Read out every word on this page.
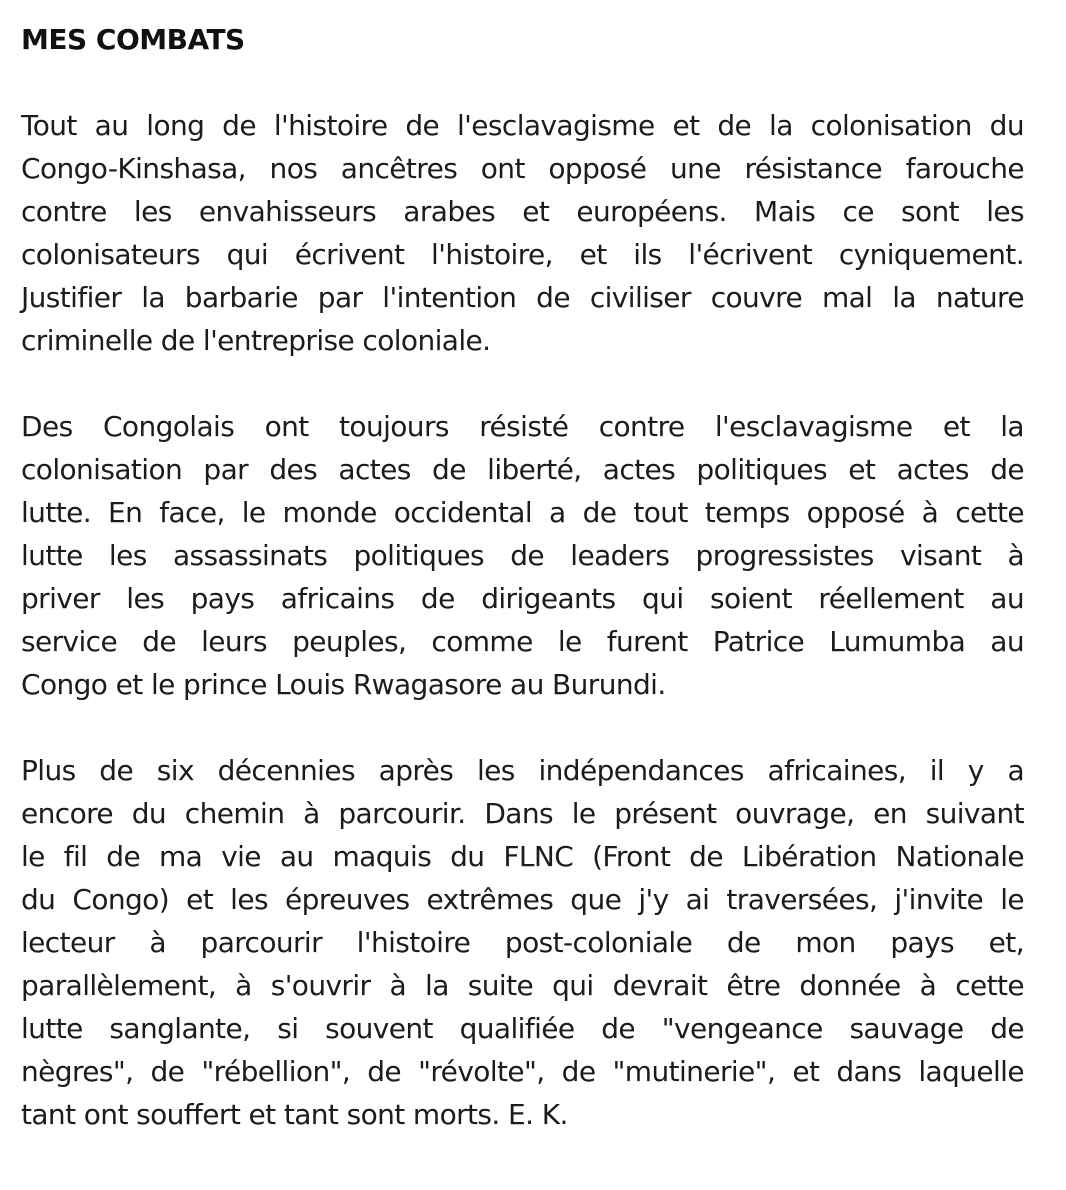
MES COMBATS

Tout au long de l'histoire de l'esclavagisme et de la colonisation du
Congo-Kinshasa, nos ancêtres ont opposé une résistance farouche
contre les envahisseurs arabes et européens. Mais ce sont les
colonisateurs qui écrivent l'histoire, et ils l'écrivent cyniquement.
Justifier la barbarie par l'intention de civiliser couvre mal la nature
criminelle de l'entreprise coloniale.

Des Congolais ont toujours résisté contre l'esclavagisme et la
colonisation par des actes de liberté, actes politiques et actes de
lutte. En face, le monde occidental a de tout temps opposé à cette
lutte les assassinats politiques de leaders progressistes visant à
priver les pays africains de dirigeants qui soient réellement au
service de leurs peuples, comme le furent Patrice Lumumba au
Congo et le prince Louis Rwagasore au Burundi.

Plus de six décennies après les indépendances africaines, il y a
encore du chemin à parcourir. Dans le présent ouvrage, en suivant
le fil de ma vie au maquis du FLNC (Front de Libération Nationale
du Congo) et les épreuves extrêmes que j'y ai traversées, j'invite le
lecteur à parcourir l'histoire post-coloniale de mon pays et,
parallèlement, à s'ouvrir à la suite qui devrait être donnée à cette
lutte sanglante, si souvent qualifiée de "vengeance sauvage de
nègres", de "rébellion", de "révolte", de "mutinerie", et dans laquelle
tant ont souffert et tant sont morts. E. K.
